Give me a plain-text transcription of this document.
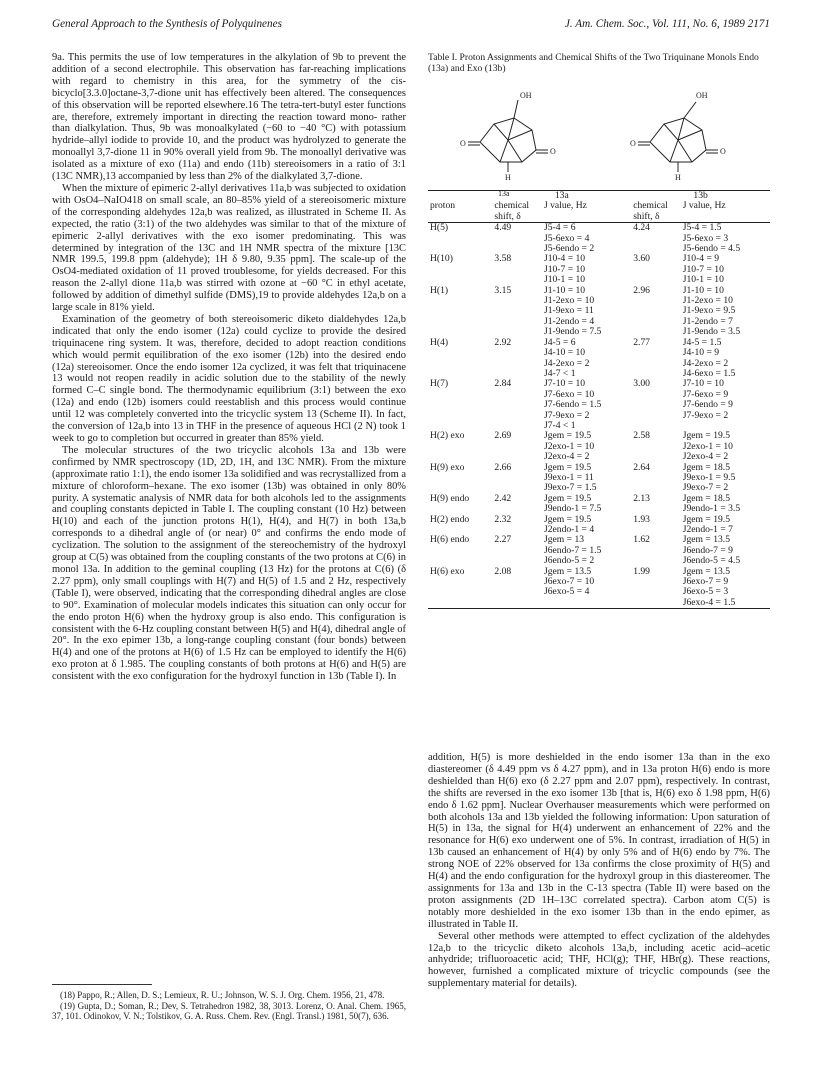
General Approach to the Synthesis of Polyquinenes	J. Am. Chem. Soc., Vol. 111, No. 6, 1989 2171

9a. This permits the use of low temperatures in the alkylation of 9b to prevent the addition of a second electrophile. This observation has far-reaching implications with regard to chemistry in this area, for the symmetry of the cis-bicyclo[3.3.0]octane-3,7-dione unit has effectively been altered. The consequences of this observation will be reported elsewhere.16 The tetra-tert-butyl ester functions are, therefore, extremely important in directing the reaction toward mono- rather than dialkylation. Thus, 9b was monoalkylated (−60 to −40 °C) with potassium hydride–allyl iodide to provide 10, and the product was hydrolyzed to generate the monoallyl 3,7-dione 11 in 90% overall yield from 9b. The monoallyl derivative was isolated as a mixture of exo (11a) and endo (11b) stereoisomers in a ratio of 3:1 (13C NMR),13 accompanied by less than 2% of the dialkylated 3,7-dione.

When the mixture of epimeric 2-allyl derivatives 11a,b was subjected to oxidation with OsO4–NaIO418 on small scale, an 80–85% yield of a stereoisomeric mixture of the corresponding aldehydes 12a,b was realized, as illustrated in Scheme II. As expected, the ratio (3:1) of the two aldehydes was similar to that of the mixture of epimeric 2-allyl derivatives with the exo isomer predominating. This was determined by integration of the 13C and 1H NMR spectra of the mixture [13C NMR 199.5, 199.8 ppm (aldehyde); 1H δ 9.80, 9.35 ppm]. The scale-up of the OsO4-mediated oxidation of 11 proved troublesome, for yields decreased. For this reason the 2-allyl dione 11a,b was stirred with ozone at −60 °C in ethyl acetate, followed by addition of dimethyl sulfide (DMS),19 to provide aldehydes 12a,b on a large scale in 81% yield.

Examination of the geometry of both stereoisomeric diketo dialdehydes 12a,b indicated that only the endo isomer (12a) could cyclize to provide the desired triquinacene ring system. It was, therefore, decided to adopt reaction conditions which would permit equilibration of the exo isomer (12b) into the desired endo (12a) stereoisomer. Once the endo isomer 12a cyclized, it was felt that triquinacene 13 would not reopen readily in acidic solution due to the stability of the newly formed C–C single bond. The thermodynamic equilibrium (3:1) between the exo (12a) and endo (12b) isomers could reestablish and this process would continue until 12 was completely converted into the tricyclic system 13 (Scheme II). In fact, the conversion of 12a,b into 13 in THF in the presence of aqueous HCl (2 N) took 1 week to go to completion but occurred in greater than 85% yield.

The molecular structures of the two tricyclic alcohols 13a and 13b were confirmed by NMR spectroscopy (1D, 2D, 1H, and 13C NMR). From the mixture (approximate ratio 1:1), the endo isomer 13a solidified and was recrystallized from a mixture of chloroform–hexane. The exo isomer (13b) was obtained in only 80% purity. A systematic analysis of NMR data for both alcohols led to the assignments and coupling constants depicted in Table I. The coupling constant (10 Hz) between H(10) and each of the junction protons H(1), H(4), and H(7) in both 13a,b corresponds to a dihedral angle of (or near) 0° and confirms the endo mode of cyclization. The solution to the assignment of the stereochemistry of the hydroxyl group at C(5) was obtained from the coupling constants of the two protons at C(6) in monol 13a. In addition to the geminal coupling (13 Hz) for the protons at C(6) (δ 2.27 ppm), only small couplings with H(7) and H(5) of 1.5 and 2 Hz, respectively (Table I), were observed, indicating that the corresponding dihedral angles are close to 90°. Examination of molecular models indicates this situation can only occur for the endo proton H(6) when the hydroxy group is also endo. This configuration is consistent with the 6-Hz coupling constant between H(5) and H(4), dihedral angle of 20°. In the exo epimer 13b, a long-range coupling constant (four bonds) between H(4) and one of the protons at H(6) of 1.5 Hz can be employed to identify the H(6) exo proton at δ 1.985. The coupling constants of both protons at H(6) and H(5) are consistent with the exo configuration for the hydroxyl function in 13b (Table I). In

(18) Pappo, R.; Allen, D. S.; Lemieux, R. U.; Johnson, W. S. J. Org. Chem. 1956, 21, 478.

(19) Gupta, D.; Soman, R.; Dev, S. Tetrahedron 1982, 38, 3013. Lorenz, O. Anal. Chem. 1965, 37, 101. Odinokov, V. N.; Tolstikov, G. A. Russ. Chem. Rev. (Engl. Transl.) 1981, 50(7), 636.

Table I. Proton Assignments and Chemical Shifts of the Two Triquinane Monols Endo (13a) and Exo (13b)
OH
O
O
H
13a
OH
O
O
H
	13a		13b	
proton	chemical shift, δ	J value, Hz	chemical shift, δ	J value, Hz
H(5)	4.49	J5-4 = 6
J5-6exo = 4
J5-6endo = 2	4.24	J5-4 = 1.5
J5-6exo = 3
J5-6endo = 4.5

H(10)	3.58	J10-4 = 10
J10-7 = 10
J10-1 = 10	3.60	J10-4 = 9
J10-7 = 10
J10-1 = 10

H(1)	3.15	J1-10 = 10
J1-2exo = 10
J1-9exo = 11
J1-2endo = 4
J1-9endo = 7.5	2.96	J1-10 = 10
J1-2exo = 10
J1-9exo = 9.5
J1-2endo = 7
J1-9endo = 3.5

H(4)	2.92	J4-5 = 6
J4-10 = 10
J4-2exo = 2
J4-7 < 1	2.77	J4-5 = 1.5
J4-10 = 9
J4-2exo = 2
J4-6exo = 1.5

H(7)	2.84	J7-10 = 10
J7-6exo = 10
J7-6endo = 1.5
J7-9exo = 2
J7-4 < 1	3.00	J7-10 = 10
J7-6exo = 9
J7-6endo = 9
J7-9exo = 2

H(2) exo	2.69	Jgem = 19.5
J2exo-1 = 10
J2exo-4 = 2	2.58	Jgem = 19.5
J2exo-1 = 10
J2exo-4 = 2

H(9) exo	2.66	Jgem = 19.5
J9exo-1 = 11
J9exo-7 = 1.5	2.64	Jgem = 18.5
J9exo-1 = 9.5
J9exo-7 = 2

H(9) endo	2.42	Jgem = 19.5
J9endo-1 = 7.5	2.13	Jgem = 18.5
J9endo-1 = 3.5

H(2) endo	2.32	Jgem = 19.5
J2endo-1 = 4	1.93	Jgem = 19.5
J2endo-1 = 7

H(6) endo	2.27	Jgem = 13
J6endo-7 = 1.5
J6endo-5 = 2	1.62	Jgem = 13.5
J6endo-7 = 9
J6endo-5 = 4.5

H(6) exo	2.08	Jgem = 13.5
J6exo-7 = 10
J6exo-5 = 4	1.99	Jgem = 13.5
J6exo-7 = 9
J6exo-5 = 3
J6exo-4 = 1.5

addition, H(5) is more deshielded in the endo isomer 13a than in the exo diastereomer (δ 4.49 ppm vs δ 4.27 ppm), and in 13a proton H(6) endo is more deshielded than H(6) exo (δ 2.27 ppm and 2.07 ppm), respectively. In contrast, the shifts are reversed in the exo isomer 13b [that is, H(6) exo δ 1.98 ppm, H(6) endo δ 1.62 ppm]. Nuclear Overhauser measurements which were performed on both alcohols 13a and 13b yielded the following information: Upon saturation of H(5) in 13a, the signal for H(4) underwent an enhancement of 22% and the resonance for H(6) exo underwent one of 5%. In contrast, irradiation of H(5) in 13b caused an enhancement of H(4) by only 5% and of H(6) endo by 7%. The strong NOE of 22% observed for 13a confirms the close proximity of H(5) and H(4) and the endo configuration for the hydroxyl group in this diastereomer. The assignments for 13a and 13b in the C-13 spectra (Table II) were based on the proton assignments (2D 1H–13C correlated spectra). Carbon atom C(5) is notably more deshielded in the exo isomer 13b than in the endo epimer, as illustrated in Table II.

Several other methods were attempted to effect cyclization of the aldehydes 12a,b to the tricyclic diketo alcohols 13a,b, including acetic acid–acetic anhydride; trifluoroacetic acid; THF, HCl(g); THF, HBr(g). These reactions, however, furnished a complicated mixture of tricyclic compounds (see the supplementary material for details).
